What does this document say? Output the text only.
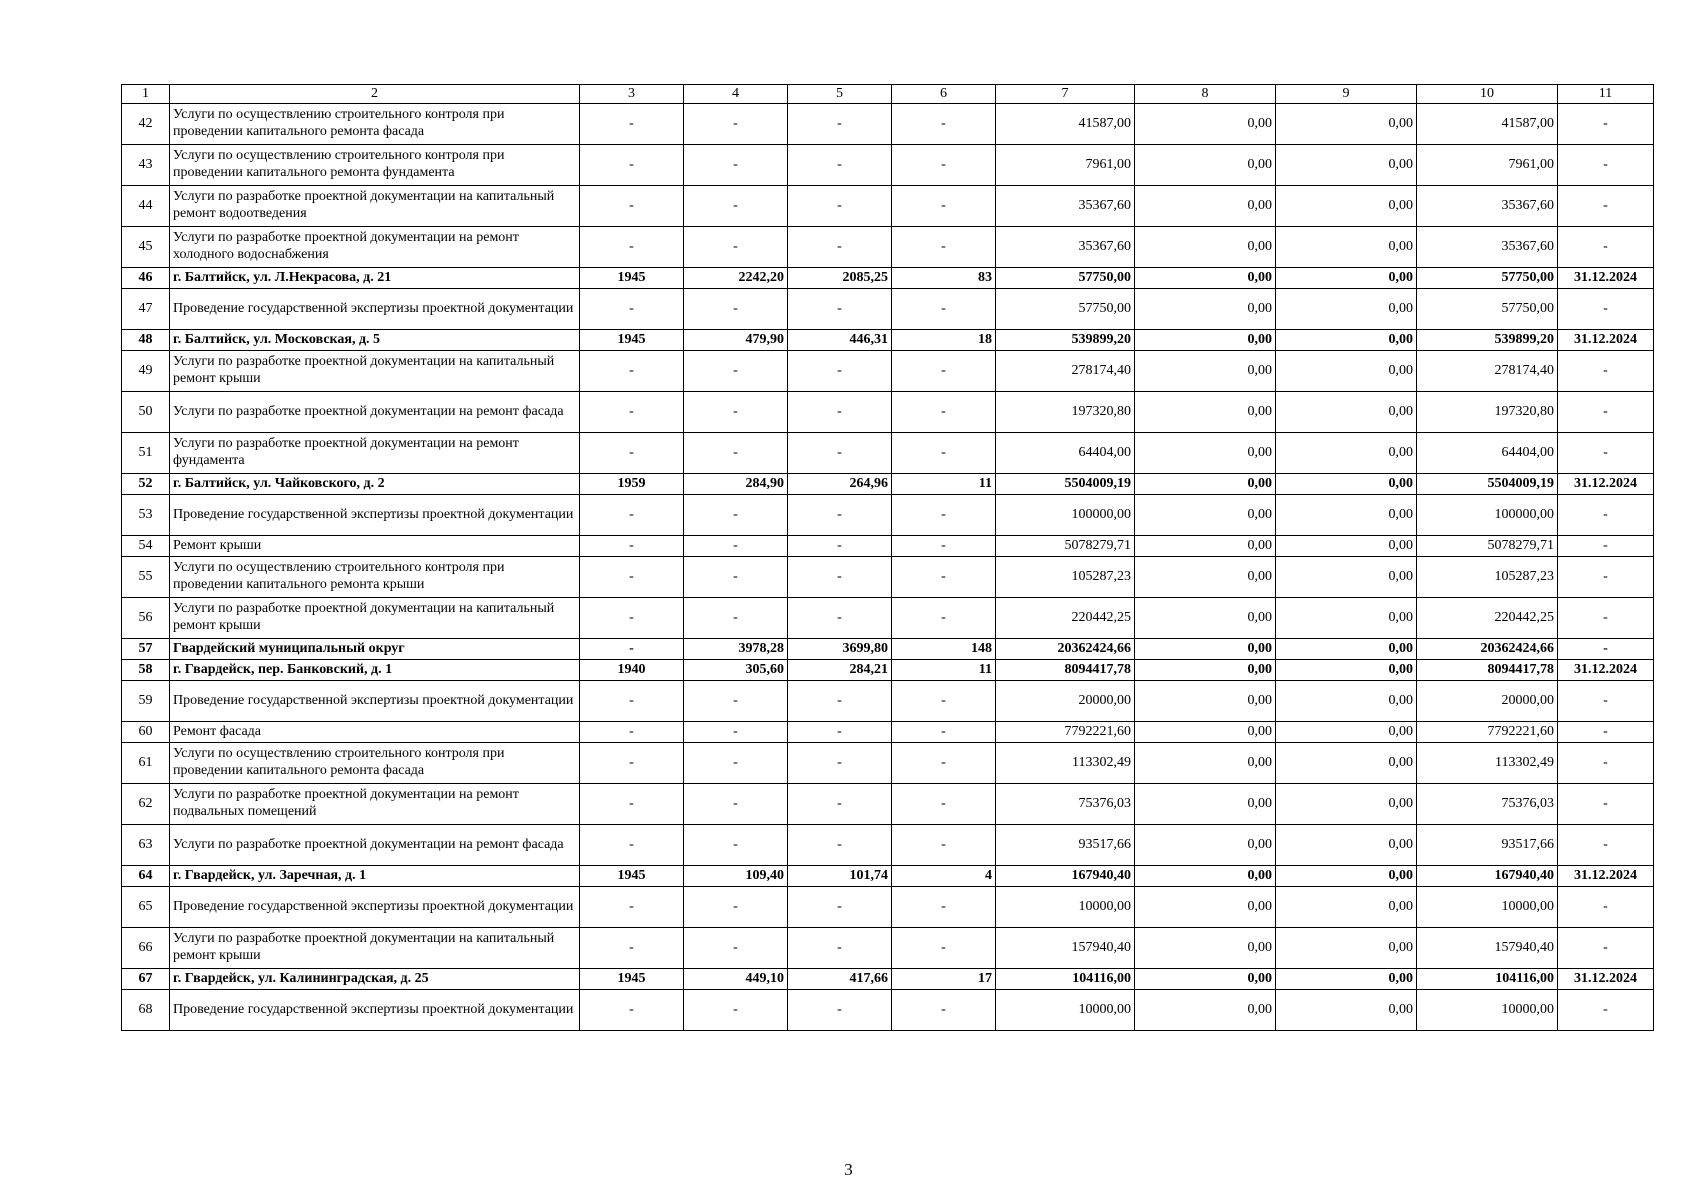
1	2	3	4	5	6	7	8	9	10	11
42	Услуги по осуществлению строительного контроля при проведении капитального ремонта фасада	-	-	-	-	41587,00	0,00	0,00	41587,00	-
43	Услуги по осуществлению строительного контроля при проведении капитального ремонта фундамента	-	-	-	-	7961,00	0,00	0,00	7961,00	-
44	Услуги по разработке проектной документации на капитальный ремонт водоотведения	-	-	-	-	35367,60	0,00	0,00	35367,60	-
45	Услуги по разработке проектной документации на ремонт холодного водоснабжения	-	-	-	-	35367,60	0,00	0,00	35367,60	-
46	г. Балтийск, ул. Л.Некрасова, д. 21	1945	2242,20	2085,25	83	57750,00	0,00	0,00	57750,00	31.12.2024
47	Проведение государственной экспертизы проектной документации	-	-	-	-	57750,00	0,00	0,00	57750,00	-
48	г. Балтийск, ул. Московская, д. 5	1945	479,90	446,31	18	539899,20	0,00	0,00	539899,20	31.12.2024
49	Услуги по разработке проектной документации на капитальный ремонт крыши	-	-	-	-	278174,40	0,00	0,00	278174,40	-
50	Услуги по разработке проектной документации на ремонт фасада	-	-	-	-	197320,80	0,00	0,00	197320,80	-
51	Услуги по разработке проектной документации на ремонт фундамента	-	-	-	-	64404,00	0,00	0,00	64404,00	-
52	г. Балтийск, ул. Чайковского, д. 2	1959	284,90	264,96	11	5504009,19	0,00	0,00	5504009,19	31.12.2024
53	Проведение государственной экспертизы проектной документации	-	-	-	-	100000,00	0,00	0,00	100000,00	-
54	Ремонт крыши	-	-	-	-	5078279,71	0,00	0,00	5078279,71	-
55	Услуги по осуществлению строительного контроля при проведении капитального ремонта крыши	-	-	-	-	105287,23	0,00	0,00	105287,23	-
56	Услуги по разработке проектной документации на капитальный ремонт крыши	-	-	-	-	220442,25	0,00	0,00	220442,25	-
57	Гвардейский муниципальный округ	-	3978,28	3699,80	148	20362424,66	0,00	0,00	20362424,66	-
58	г. Гвардейск, пер. Банковский, д. 1	1940	305,60	284,21	11	8094417,78	0,00	0,00	8094417,78	31.12.2024
59	Проведение государственной экспертизы проектной документации	-	-	-	-	20000,00	0,00	0,00	20000,00	-
60	Ремонт фасада	-	-	-	-	7792221,60	0,00	0,00	7792221,60	-
61	Услуги по осуществлению строительного контроля при проведении капитального ремонта фасада	-	-	-	-	113302,49	0,00	0,00	113302,49	-
62	Услуги по разработке проектной документации на ремонт подвальных помещений	-	-	-	-	75376,03	0,00	0,00	75376,03	-
63	Услуги по разработке проектной документации на ремонт фасада	-	-	-	-	93517,66	0,00	0,00	93517,66	-
64	г. Гвардейск, ул. Заречная, д. 1	1945	109,40	101,74	4	167940,40	0,00	0,00	167940,40	31.12.2024
65	Проведение государственной экспертизы проектной документации	-	-	-	-	10000,00	0,00	0,00	10000,00	-
66	Услуги по разработке проектной документации на капитальный ремонт крыши	-	-	-	-	157940,40	0,00	0,00	157940,40	-
67	г. Гвардейск, ул. Калининградская, д. 25	1945	449,10	417,66	17	104116,00	0,00	0,00	104116,00	31.12.2024
68	Проведение государственной экспертизы проектной документации	-	-	-	-	10000,00	0,00	0,00	10000,00	-
3
